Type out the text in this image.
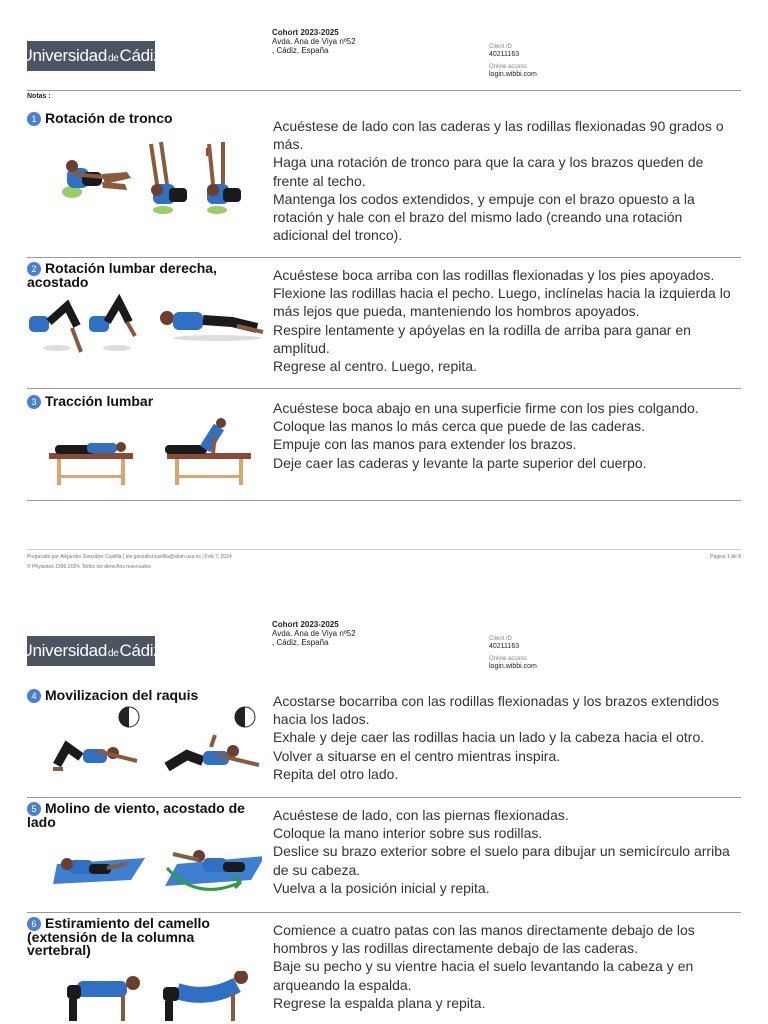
Universidad de Cádiz
Cohort 2023-2025
Avda. Ana de Viya nº52
, Cádiz, España	Client ID
40211163
Online access
login.wibbi.com
Notas :
1 Rotación de tronco	Acuéstese de lado con las caderas y las rodillas flexionadas 90 grados o más.

Haga una rotación de tronco para que la cara y los brazos queden de frente al techo.

Mantenga los codos extendidos, y empuje con el brazo opuesto a la rotación y hale con el brazo del mismo lado (creando una rotación adicional del tronco).

2 Rotación lumbar derecha, acostado	Acuéstese boca arriba con las rodillas flexionadas y los pies apoyados.

Flexione las rodillas hacia el pecho. Luego, inclínelas hacia la izquierda lo más lejos que pueda, manteniendo los hombros apoyados.

Respire lentamente y apóyelas en la rodilla de arriba para ganar en amplitud.

Regrese al centro. Luego, repita.

3 Tracción lumbar	Acuéstese boca abajo en una superficie firme con los pies colgando.

Coloque las manos lo más cerca que puede de las caderas.

Empuje con las manos para extender los brazos.

Deje caer las caderas y levante la parte superior del cuerpo.

Preparado por Alejandro González Castilla | ale.gonzalezcastilla@alum.uca.es | Feb 7, 2024
© Physiotec 1996-2024. Todos los derechos reservados
Página 1 de 8
Universidad de Cádiz
Cohort 2023-2025
Avda. Ana de Viya nº52
, Cádiz, España	Client ID
40211163
Online access
login.wibbi.com
4 Movilizacion del raquis	Acostarse bocarriba con las rodillas flexionadas y los brazos extendidos hacia los lados.

Exhale y deje caer las rodillas hacia un lado y la cabeza hacia el otro.

Volver a situarse en el centro mientras inspira.

Repita del otro lado.

5 Molino de viento, acostado de lado	Acuéstese de lado, con las piernas flexionadas.

Coloque la mano interior sobre sus rodillas.

Deslice su brazo exterior sobre el suelo para dibujar un semicírculo arriba de su cabeza.

Vuelva a la posición inicial y repita.

6 Estiramiento del camello (extensión de la columna vertebral)

Comience a cuatro patas con las manos directamente debajo de los hombros y las rodillas directamente debajo de las caderas.

Baje su pecho y su vientre hacia el suelo levantando la cabeza y en arqueando la espalda.

Regrese la espalda plana y repita.
